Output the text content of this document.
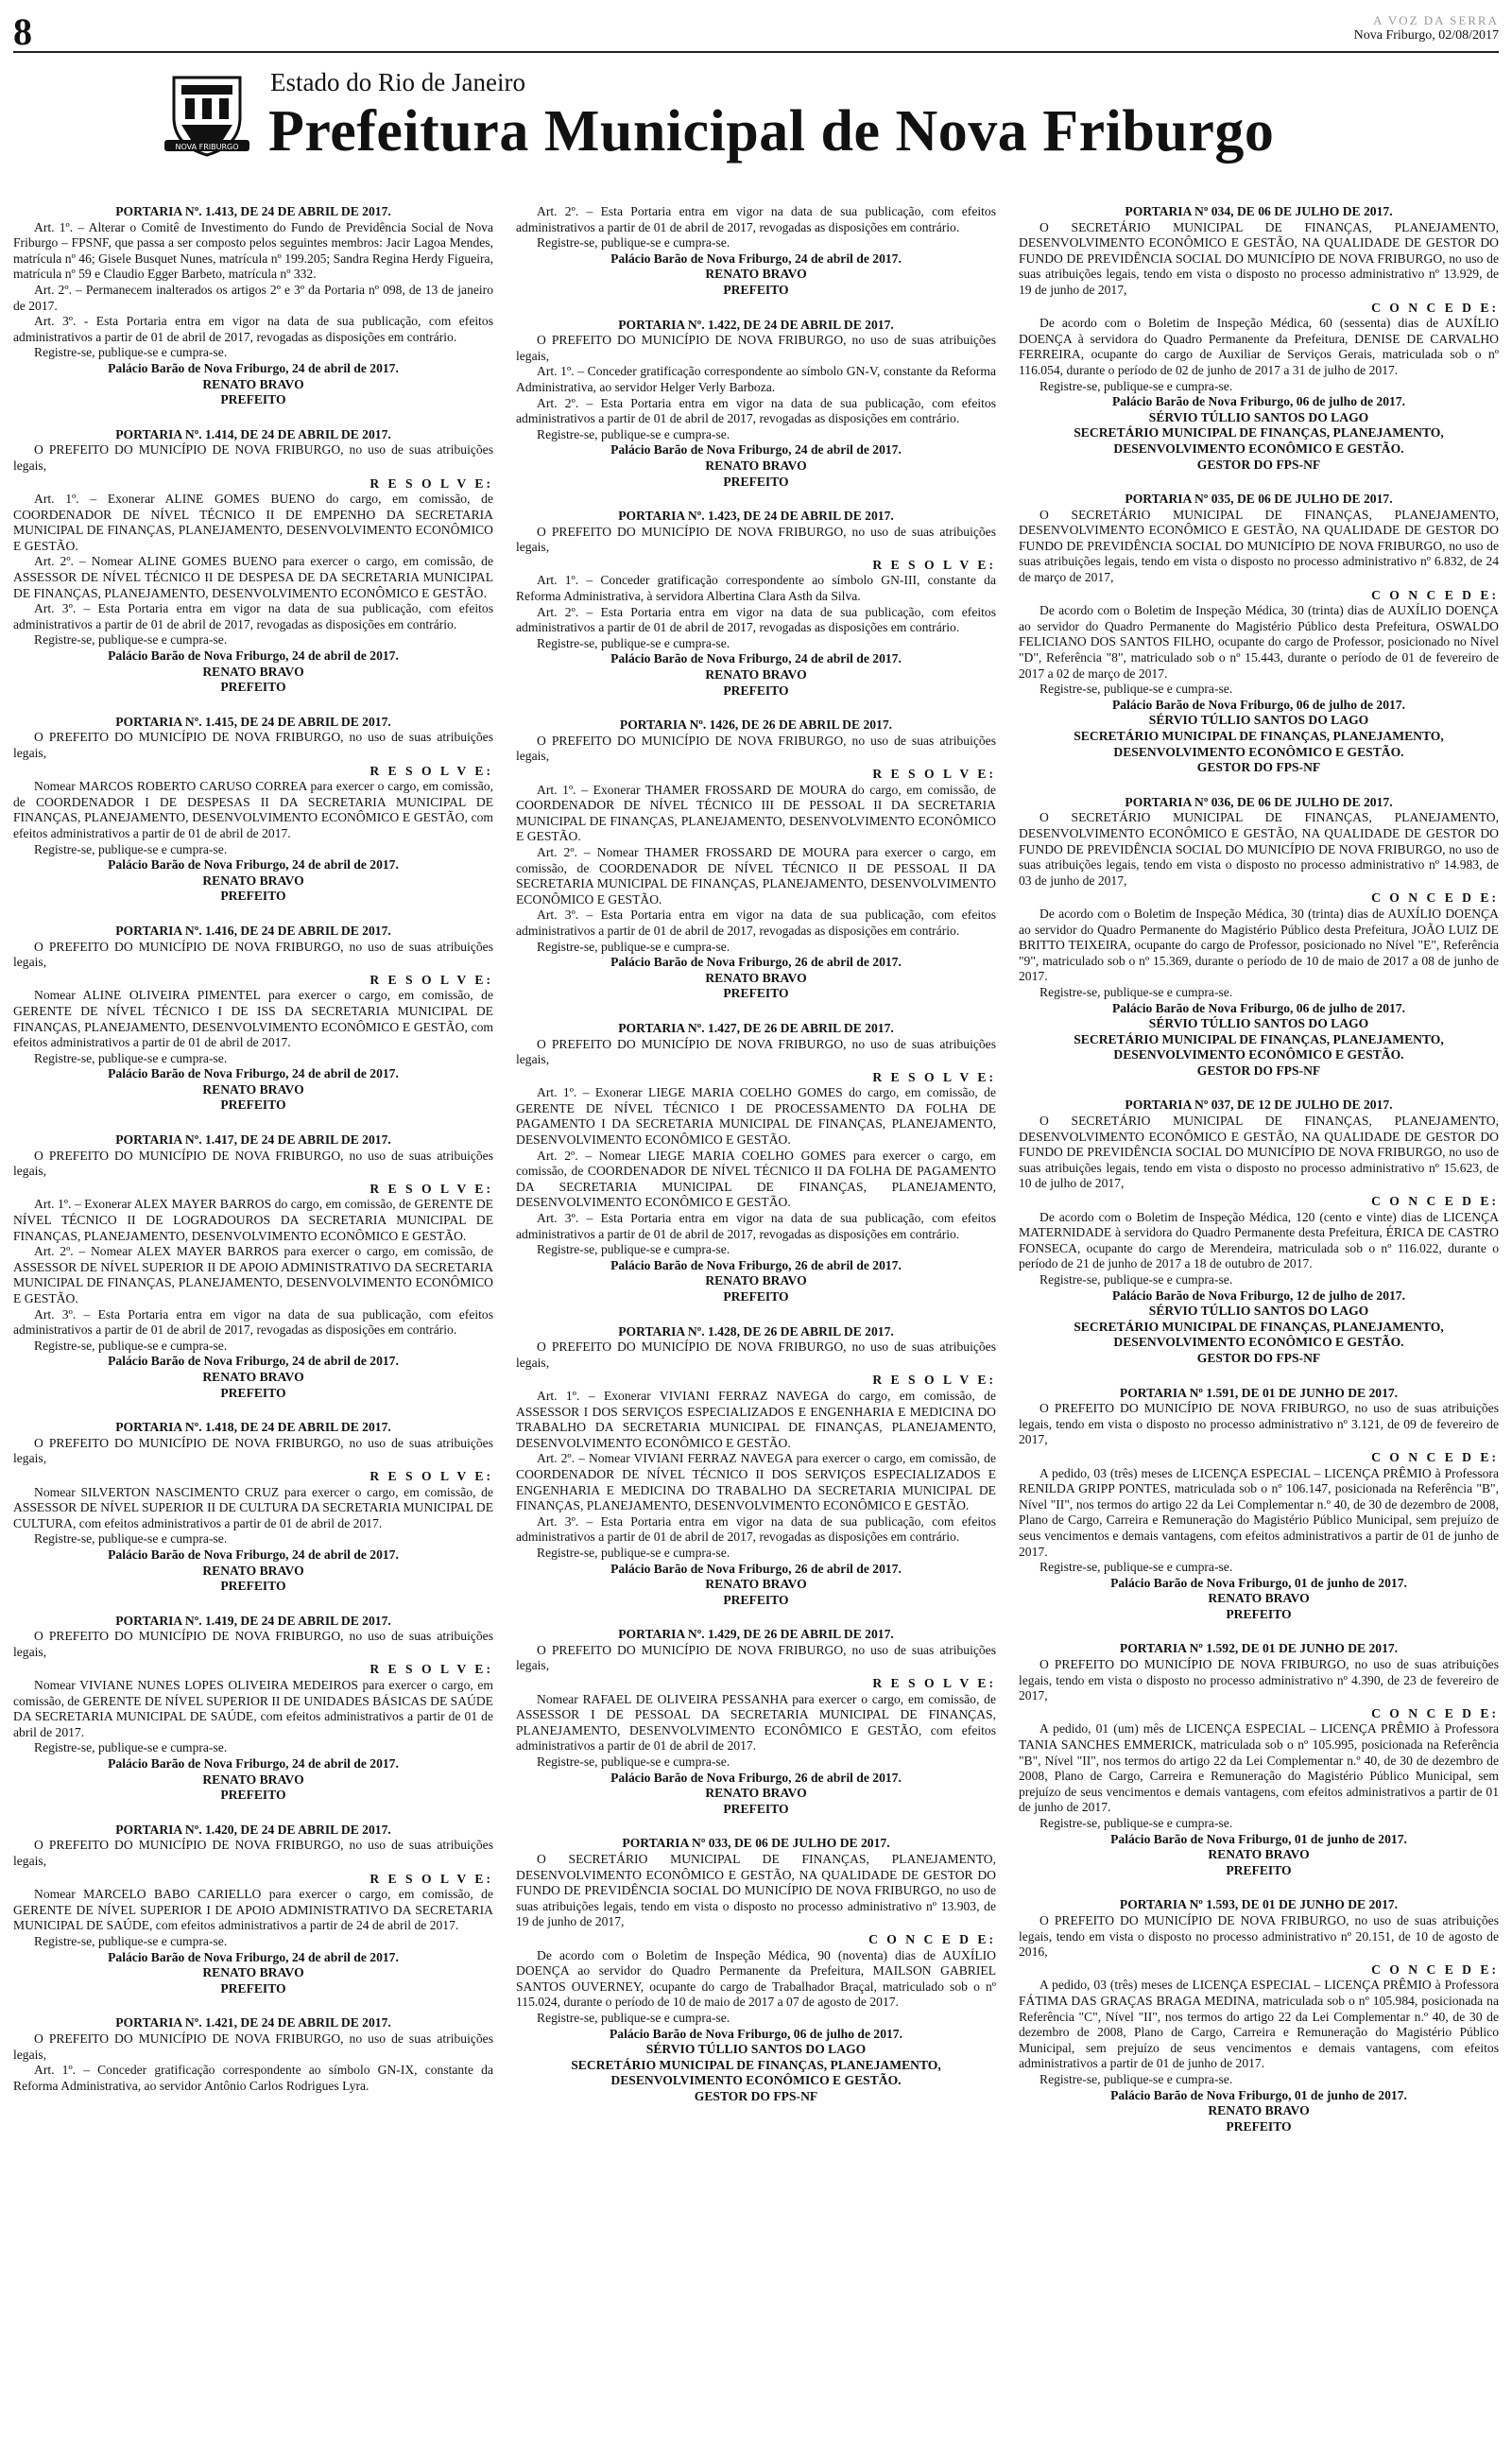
8	A VOZ DA SERRA
Nova Friburgo, 02/08/2017
NOVA FRIBURGO
Estado do Rio de Janeiro
Prefeitura Municipal de Nova Friburgo

PORTARIA Nº. 1.413, DE 24 DE ABRIL DE 2017.

Art. 1º. – Alterar o Comitê de Investimento do Fundo de Previdência Social de Nova Friburgo – FPSNF, que passa a ser composto pelos seguintes membros: Jacir Lagoa Mendes, matrícula nº 46; Gisele Busquet Nunes, matrícula nº 199.205; Sandra Regina Herdy Figueira, matrícula nº 59 e Claudio Egger Barbeto, matrícula nº 332.

Art. 2º. – Permanecem inalterados os artigos 2º e 3º da Portaria nº 098, de 13 de janeiro de 2017.

Art. 3º. - Esta Portaria entra em vigor na data de sua publicação, com efeitos administrativos a partir de 01 de abril de 2017, revogadas as disposições em contrário.

Registre-se, publique-se e cumpra-se.

Palácio Barão de Nova Friburgo, 24 de abril de 2017.

RENATO BRAVO

PREFEITO

PORTARIA Nº. 1.414, DE 24 DE ABRIL DE 2017.

O PREFEITO DO MUNICÍPIO DE NOVA FRIBURGO, no uso de suas atribuições legais,

R E S O L V E:

Art. 1º. – Exonerar ALINE GOMES BUENO do cargo, em comissão, de COORDENADOR DE NÍVEL TÉCNICO II DE EMPENHO DA SECRETARIA MUNICIPAL DE FINANÇAS, PLANEJAMENTO, DESENVOLVIMENTO ECONÔMICO E GESTÃO.

Art. 2º. – Nomear ALINE GOMES BUENO para exercer o cargo, em comissão, de ASSESSOR DE NÍVEL TÉCNICO II DE DESPESA DE DA SECRETARIA MUNICIPAL DE FINANÇAS, PLANEJAMENTO, DESENVOLVIMENTO ECONÔMICO E GESTÃO.

Art. 3º. – Esta Portaria entra em vigor na data de sua publicação, com efeitos administrativos a partir de 01 de abril de 2017, revogadas as disposições em contrário.

Registre-se, publique-se e cumpra-se.

Palácio Barão de Nova Friburgo, 24 de abril de 2017.

RENATO BRAVO

PREFEITO

PORTARIA Nº. 1.415, DE 24 DE ABRIL DE 2017.

O PREFEITO DO MUNICÍPIO DE NOVA FRIBURGO, no uso de suas atribuições legais,

R E S O L V E:

Nomear MARCOS ROBERTO CARUSO CORREA para exercer o cargo, em comissão, de COORDENADOR I DE DESPESAS II DA SECRETARIA MUNICIPAL DE FINANÇAS, PLANEJAMENTO, DESENVOLVIMENTO ECONÔMICO E GESTÃO, com efeitos administrativos a partir de 01 de abril de 2017.

Registre-se, publique-se e cumpra-se.

Palácio Barão de Nova Friburgo, 24 de abril de 2017.

RENATO BRAVO

PREFEITO

PORTARIA Nº. 1.416, DE 24 DE ABRIL DE 2017.

O PREFEITO DO MUNICÍPIO DE NOVA FRIBURGO, no uso de suas atribuições legais,

R E S O L V E:

Nomear ALINE OLIVEIRA PIMENTEL para exercer o cargo, em comissão, de GERENTE DE NÍVEL TÉCNICO I DE ISS DA SECRETARIA MUNICIPAL DE FINANÇAS, PLANEJAMENTO, DESENVOLVIMENTO ECONÔMICO E GESTÃO, com efeitos administrativos a partir de 01 de abril de 2017.

Registre-se, publique-se e cumpra-se.

Palácio Barão de Nova Friburgo, 24 de abril de 2017.

RENATO BRAVO

PREFEITO

PORTARIA Nº. 1.417, DE 24 DE ABRIL DE 2017.

O PREFEITO DO MUNICÍPIO DE NOVA FRIBURGO, no uso de suas atribuições legais,

R E S O L V E:

Art. 1º. – Exonerar ALEX MAYER BARROS do cargo, em comissão, de GERENTE DE NÍVEL TÉCNICO II DE LOGRADOUROS DA SECRETARIA MUNICIPAL DE FINANÇAS, PLANEJAMENTO, DESENVOLVIMENTO ECONÔMICO E GESTÃO.

Art. 2º. – Nomear ALEX MAYER BARROS para exercer o cargo, em comissão, de ASSESSOR DE NÍVEL SUPERIOR II DE APOIO ADMINISTRATIVO DA SECRETARIA MUNICIPAL DE FINANÇAS, PLANEJAMENTO, DESENVOLVIMENTO ECONÔMICO E GESTÃO.

Art. 3º. – Esta Portaria entra em vigor na data de sua publicação, com efeitos administrativos a partir de 01 de abril de 2017, revogadas as disposições em contrário.

Registre-se, publique-se e cumpra-se.

Palácio Barão de Nova Friburgo, 24 de abril de 2017.

RENATO BRAVO

PREFEITO

PORTARIA Nº. 1.418, DE 24 DE ABRIL DE 2017.

O PREFEITO DO MUNICÍPIO DE NOVA FRIBURGO, no uso de suas atribuições legais,

R E S O L V E:

Nomear SILVERTON NASCIMENTO CRUZ para exercer o cargo, em comissão, de ASSESSOR DE NÍVEL SUPERIOR II DE CULTURA DA SECRETARIA MUNICIPAL DE CULTURA, com efeitos administrativos a partir de 01 de abril de 2017.

Registre-se, publique-se e cumpra-se.

Palácio Barão de Nova Friburgo, 24 de abril de 2017.

RENATO BRAVO

PREFEITO

PORTARIA Nº. 1.419, DE 24 DE ABRIL DE 2017.

O PREFEITO DO MUNICÍPIO DE NOVA FRIBURGO, no uso de suas atribuições legais,

R E S O L V E:

Nomear VIVIANE NUNES LOPES OLIVEIRA MEDEIROS para exercer o cargo, em comissão, de GERENTE DE NÍVEL SUPERIOR II DE UNIDADES BÁSICAS DE SAÚDE DA SECRETARIA MUNICIPAL DE SAÚDE, com efeitos administrativos a partir de 01 de abril de 2017.

Registre-se, publique-se e cumpra-se.

Palácio Barão de Nova Friburgo, 24 de abril de 2017.

RENATO BRAVO

PREFEITO

PORTARIA Nº. 1.420, DE 24 DE ABRIL DE 2017.

O PREFEITO DO MUNICÍPIO DE NOVA FRIBURGO, no uso de suas atribuições legais,

R E S O L V E:

Nomear MARCELO BABO CARIELLO para exercer o cargo, em comissão, de GERENTE DE NÍVEL SUPERIOR I DE APOIO ADMINISTRATIVO DA SECRETARIA MUNICIPAL DE SAÚDE, com efeitos administrativos a partir de 24 de abril de 2017.

Registre-se, publique-se e cumpra-se.

Palácio Barão de Nova Friburgo, 24 de abril de 2017.

RENATO BRAVO

PREFEITO

PORTARIA Nº. 1.421, DE 24 DE ABRIL DE 2017.

O PREFEITO DO MUNICÍPIO DE NOVA FRIBURGO, no uso de suas atribuições legais,

Art. 1º. – Conceder gratificação correspondente ao símbolo GN-IX, constante da Reforma Administrativa, ao servidor Antônio Carlos Rodrigues Lyra.

Art. 2º. – Esta Portaria entra em vigor na data de sua publicação, com efeitos administrativos a partir de 01 de abril de 2017, revogadas as disposições em contrário.

Registre-se, publique-se e cumpra-se.

Palácio Barão de Nova Friburgo, 24 de abril de 2017.

RENATO BRAVO

PREFEITO

PORTARIA Nº. 1.422, DE 24 DE ABRIL DE 2017.

O PREFEITO DO MUNICÍPIO DE NOVA FRIBURGO, no uso de suas atribuições legais,

Art. 1º. – Conceder gratificação correspondente ao símbolo GN-V, constante da Reforma Administrativa, ao servidor Helger Verly Barboza.

Art. 2º. – Esta Portaria entra em vigor na data de sua publicação, com efeitos administrativos a partir de 01 de abril de 2017, revogadas as disposições em contrário.

Registre-se, publique-se e cumpra-se.

Palácio Barão de Nova Friburgo, 24 de abril de 2017.

RENATO BRAVO

PREFEITO

PORTARIA Nº. 1.423, DE 24 DE ABRIL DE 2017.

O PREFEITO DO MUNICÍPIO DE NOVA FRIBURGO, no uso de suas atribuições legais,

R E S O L V E:

Art. 1º. – Conceder gratificação correspondente ao símbolo GN-III, constante da Reforma Administrativa, à servidora Albertina Clara Asth da Silva.

Art. 2º. – Esta Portaria entra em vigor na data de sua publicação, com efeitos administrativos a partir de 01 de abril de 2017, revogadas as disposições em contrário.

Registre-se, publique-se e cumpra-se.

Palácio Barão de Nova Friburgo, 24 de abril de 2017.

RENATO BRAVO

PREFEITO

PORTARIA Nº. 1426, DE 26 DE ABRIL DE 2017.

O PREFEITO DO MUNICÍPIO DE NOVA FRIBURGO, no uso de suas atribuições legais,

R E S O L V E:

Art. 1º. – Exonerar THAMER FROSSARD DE MOURA do cargo, em comissão, de COORDENADOR DE NÍVEL TÉCNICO III DE PESSOAL II DA SECRETARIA MUNICIPAL DE FINANÇAS, PLANEJAMENTO, DESENVOLVIMENTO ECONÔMICO E GESTÃO.

Art. 2º. – Nomear THAMER FROSSARD DE MOURA para exercer o cargo, em comissão, de COORDENADOR DE NÍVEL TÉCNICO II DE PESSOAL II DA SECRETARIA MUNICIPAL DE FINANÇAS, PLANEJAMENTO, DESENVOLVIMENTO ECONÔMICO E GESTÃO.

Art. 3º. – Esta Portaria entra em vigor na data de sua publicação, com efeitos administrativos a partir de 01 de abril de 2017, revogadas as disposições em contrário.

Registre-se, publique-se e cumpra-se.

Palácio Barão de Nova Friburgo, 26 de abril de 2017.

RENATO BRAVO

PREFEITO

PORTARIA Nº. 1.427, DE 26 DE ABRIL DE 2017.

O PREFEITO DO MUNICÍPIO DE NOVA FRIBURGO, no uso de suas atribuições legais,

R E S O L V E:

Art. 1º. – Exonerar LIEGE MARIA COELHO GOMES do cargo, em comissão, de GERENTE DE NÍVEL TÉCNICO I DE PROCESSAMENTO DA FOLHA DE PAGAMENTO I DA SECRETARIA MUNICIPAL DE FINANÇAS, PLANEJAMENTO, DESENVOLVIMENTO ECONÔMICO E GESTÃO.

Art. 2º. – Nomear LIEGE MARIA COELHO GOMES para exercer o cargo, em comissão, de COORDENADOR DE NÍVEL TÉCNICO II DA FOLHA DE PAGAMENTO DA SECRETARIA MUNICIPAL DE FINANÇAS, PLANEJAMENTO, DESENVOLVIMENTO ECONÔMICO E GESTÃO.

Art. 3º. – Esta Portaria entra em vigor na data de sua publicação, com efeitos administrativos a partir de 01 de abril de 2017, revogadas as disposições em contrário.

Registre-se, publique-se e cumpra-se.

Palácio Barão de Nova Friburgo, 26 de abril de 2017.

RENATO BRAVO

PREFEITO

PORTARIA Nº. 1.428, DE 26 DE ABRIL DE 2017.

O PREFEITO DO MUNICÍPIO DE NOVA FRIBURGO, no uso de suas atribuições legais,

R E S O L V E:

Art. 1º. – Exonerar VIVIANI FERRAZ NAVEGA do cargo, em comissão, de ASSESSOR I DOS SERVIÇOS ESPECIALIZADOS E ENGENHARIA E MEDICINA DO TRABALHO DA SECRETARIA MUNICIPAL DE FINANÇAS, PLANEJAMENTO, DESENVOLVIMENTO ECONÔMICO E GESTÃO.

Art. 2º. – Nomear VIVIANI FERRAZ NAVEGA para exercer o cargo, em comissão, de COORDENADOR DE NÍVEL TÉCNICO II DOS SERVIÇOS ESPECIALIZADOS E ENGENHARIA E MEDICINA DO TRABALHO DA SECRETARIA MUNICIPAL DE FINANÇAS, PLANEJAMENTO, DESENVOLVIMENTO ECONÔMICO E GESTÃO.

Art. 3º. – Esta Portaria entra em vigor na data de sua publicação, com efeitos administrativos a partir de 01 de abril de 2017, revogadas as disposições em contrário.

Registre-se, publique-se e cumpra-se.

Palácio Barão de Nova Friburgo, 26 de abril de 2017.

RENATO BRAVO

PREFEITO

PORTARIA Nº. 1.429, DE 26 DE ABRIL DE 2017.

O PREFEITO DO MUNICÍPIO DE NOVA FRIBURGO, no uso de suas atribuições legais,

R E S O L V E:

Nomear RAFAEL DE OLIVEIRA PESSANHA para exercer o cargo, em comissão, de ASSESSOR I DE PESSOAL DA SECRETARIA MUNICIPAL DE FINANÇAS, PLANEJAMENTO, DESENVOLVIMENTO ECONÔMICO E GESTÃO, com efeitos administrativos a partir de 01 de abril de 2017.

Registre-se, publique-se e cumpra-se.

Palácio Barão de Nova Friburgo, 26 de abril de 2017.

RENATO BRAVO

PREFEITO

PORTARIA Nº 033, DE 06 DE JULHO DE 2017.

O SECRETÁRIO MUNICIPAL DE FINANÇAS, PLANEJAMENTO, DESENVOLVIMENTO ECONÔMICO E GESTÃO, NA QUALIDADE DE GESTOR DO FUNDO DE PREVIDÊNCIA SOCIAL DO MUNICÍPIO DE NOVA FRIBURGO, no uso de suas atribuições legais, tendo em vista o disposto no processo administrativo nº 13.903, de 19 de junho de 2017,

C O N C E D E:

De acordo com o Boletim de Inspeção Médica, 90 (noventa) dias de AUXÍLIO DOENÇA ao servidor do Quadro Permanente da Prefeitura, MAILSON GABRIEL SANTOS OUVERNEY, ocupante do cargo de Trabalhador Braçal, matriculado sob o nº 115.024, durante o período de 10 de maio de 2017 a 07 de agosto de 2017.

Registre-se, publique-se e cumpra-se.

Palácio Barão de Nova Friburgo, 06 de julho de 2017.

SÉRVIO TÚLLIO SANTOS DO LAGO

SECRETÁRIO MUNICIPAL DE FINANÇAS, PLANEJAMENTO, DESENVOLVIMENTO ECONÔMICO E GESTÃO.

GESTOR DO FPS-NF

PORTARIA Nº 034, DE 06 DE JULHO DE 2017.

O SECRETÁRIO MUNICIPAL DE FINANÇAS, PLANEJAMENTO, DESENVOLVIMENTO ECONÔMICO E GESTÃO, NA QUALIDADE DE GESTOR DO FUNDO DE PREVIDÊNCIA SOCIAL DO MUNICÍPIO DE NOVA FRIBURGO, no uso de suas atribuições legais, tendo em vista o disposto no processo administrativo nº 13.929, de 19 de junho de 2017,

C O N C E D E:

De acordo com o Boletim de Inspeção Médica, 60 (sessenta) dias de AUXÍLIO DOENÇA à servidora do Quadro Permanente da Prefeitura, DENISE DE CARVALHO FERREIRA, ocupante do cargo de Auxiliar de Serviços Gerais, matriculada sob o nº 116.054, durante o período de 02 de junho de 2017 a 31 de julho de 2017.

Registre-se, publique-se e cumpra-se.

Palácio Barão de Nova Friburgo, 06 de julho de 2017.

SÉRVIO TÚLLIO SANTOS DO LAGO

SECRETÁRIO MUNICIPAL DE FINANÇAS, PLANEJAMENTO, DESENVOLVIMENTO ECONÔMICO E GESTÃO.

GESTOR DO FPS-NF

PORTARIA Nº 035, DE 06 DE JULHO DE 2017.

O SECRETÁRIO MUNICIPAL DE FINANÇAS, PLANEJAMENTO, DESENVOLVIMENTO ECONÔMICO E GESTÃO, NA QUALIDADE DE GESTOR DO FUNDO DE PREVIDÊNCIA SOCIAL DO MUNICÍPIO DE NOVA FRIBURGO, no uso de suas atribuições legais, tendo em vista o disposto no processo administrativo nº 6.832, de 24 de março de 2017,

C O N C E D E:

De acordo com o Boletim de Inspeção Médica, 30 (trinta) dias de AUXÍLIO DOENÇA ao servidor do Quadro Permanente do Magistério Público desta Prefeitura, OSWALDO FELICIANO DOS SANTOS FILHO, ocupante do cargo de Professor, posicionado no Nível "D", Referência "8", matriculado sob o nº 15.443, durante o período de 01 de fevereiro de 2017 a 02 de março de 2017.

Registre-se, publique-se e cumpra-se.

Palácio Barão de Nova Friburgo, 06 de julho de 2017.

SÉRVIO TÚLLIO SANTOS DO LAGO

SECRETÁRIO MUNICIPAL DE FINANÇAS, PLANEJAMENTO, DESENVOLVIMENTO ECONÔMICO E GESTÃO.

GESTOR DO FPS-NF

PORTARIA Nº 036, DE 06 DE JULHO DE 2017.

O SECRETÁRIO MUNICIPAL DE FINANÇAS, PLANEJAMENTO, DESENVOLVIMENTO ECONÔMICO E GESTÃO, NA QUALIDADE DE GESTOR DO FUNDO DE PREVIDÊNCIA SOCIAL DO MUNICÍPIO DE NOVA FRIBURGO, no uso de suas atribuições legais, tendo em vista o disposto no processo administrativo nº 14.983, de 03 de junho de 2017,

C O N C E D E:

De acordo com o Boletim de Inspeção Médica, 30 (trinta) dias de AUXÍLIO DOENÇA ao servidor do Quadro Permanente do Magistério Público desta Prefeitura, JOÃO LUIZ DE BRITTO TEIXEIRA, ocupante do cargo de Professor, posicionado no Nível "E", Referência "9", matriculado sob o nº 15.369, durante o período de 10 de maio de 2017 a 08 de junho de 2017.

Registre-se, publique-se e cumpra-se.

Palácio Barão de Nova Friburgo, 06 de julho de 2017.

SÉRVIO TÚLLIO SANTOS DO LAGO

SECRETÁRIO MUNICIPAL DE FINANÇAS, PLANEJAMENTO, DESENVOLVIMENTO ECONÔMICO E GESTÃO.

GESTOR DO FPS-NF

PORTARIA Nº 037, DE 12 DE JULHO DE 2017.

O SECRETÁRIO MUNICIPAL DE FINANÇAS, PLANEJAMENTO, DESENVOLVIMENTO ECONÔMICO E GESTÃO, NA QUALIDADE DE GESTOR DO FUNDO DE PREVIDÊNCIA SOCIAL DO MUNICÍPIO DE NOVA FRIBURGO, no uso de suas atribuições legais, tendo em vista o disposto no processo administrativo nº 15.623, de 10 de julho de 2017,

C O N C E D E:

De acordo com o Boletim de Inspeção Médica, 120 (cento e vinte) dias de LICENÇA MATERNIDADE à servidora do Quadro Permanente desta Prefeitura, ÉRICA DE CASTRO FONSECA, ocupante do cargo de Merendeira, matriculada sob o nº 116.022, durante o período de 21 de junho de 2017 a 18 de outubro de 2017.

Registre-se, publique-se e cumpra-se.

Palácio Barão de Nova Friburgo, 12 de julho de 2017.

SÉRVIO TÚLLIO SANTOS DO LAGO

SECRETÁRIO MUNICIPAL DE FINANÇAS, PLANEJAMENTO, DESENVOLVIMENTO ECONÔMICO E GESTÃO.

GESTOR DO FPS-NF

PORTARIA Nº 1.591, DE 01 DE JUNHO DE 2017.

O PREFEITO DO MUNICÍPIO DE NOVA FRIBURGO, no uso de suas atribuições legais, tendo em vista o disposto no processo administrativo nº 3.121, de 09 de fevereiro de 2017,

C O N C E D E:

A pedido, 03 (três) meses de LICENÇA ESPECIAL – LICENÇA PRÊMIO à Professora RENILDA GRIPP PONTES, matriculada sob o nº 106.147, posicionada na Referência "B", Nível "II", nos termos do artigo 22 da Lei Complementar n.º 40, de 30 de dezembro de 2008, Plano de Cargo, Carreira e Remuneração do Magistério Público Municipal, sem prejuízo de seus vencimentos e demais vantagens, com efeitos administrativos a partir de 01 de junho de 2017.

Registre-se, publique-se e cumpra-se.

Palácio Barão de Nova Friburgo, 01 de junho de 2017.

RENATO BRAVO

PREFEITO

PORTARIA Nº 1.592, DE 01 DE JUNHO DE 2017.

O PREFEITO DO MUNICÍPIO DE NOVA FRIBURGO, no uso de suas atribuições legais, tendo em vista o disposto no processo administrativo nº 4.390, de 23 de fevereiro de 2017,

C O N C E D E:

A pedido, 01 (um) mês de LICENÇA ESPECIAL – LICENÇA PRÊMIO à Professora TANIA SANCHES EMMERICK, matriculada sob o nº 105.995, posicionada na Referência "B", Nível "II", nos termos do artigo 22 da Lei Complementar n.º 40, de 30 de dezembro de 2008, Plano de Cargo, Carreira e Remuneração do Magistério Público Municipal, sem prejuízo de seus vencimentos e demais vantagens, com efeitos administrativos a partir de 01 de junho de 2017.

Registre-se, publique-se e cumpra-se.

Palácio Barão de Nova Friburgo, 01 de junho de 2017.

RENATO BRAVO

PREFEITO

PORTARIA Nº 1.593, DE 01 DE JUNHO DE 2017.

O PREFEITO DO MUNICÍPIO DE NOVA FRIBURGO, no uso de suas atribuições legais, tendo em vista o disposto no processo administrativo nº 20.151, de 10 de agosto de 2016,

C O N C E D E:

A pedido, 03 (três) meses de LICENÇA ESPECIAL – LICENÇA PRÊMIO à Professora FÁTIMA DAS GRAÇAS BRAGA MEDINA, matriculada sob o nº 105.984, posicionada na Referência "C", Nível "II", nos termos do artigo 22 da Lei Complementar n.º 40, de 30 de dezembro de 2008, Plano de Cargo, Carreira e Remuneração do Magistério Público Municipal, sem prejuízo de seus vencimentos e demais vantagens, com efeitos administrativos a partir de 01 de junho de 2017.

Registre-se, publique-se e cumpra-se.

Palácio Barão de Nova Friburgo, 01 de junho de 2017.

RENATO BRAVO

PREFEITO
